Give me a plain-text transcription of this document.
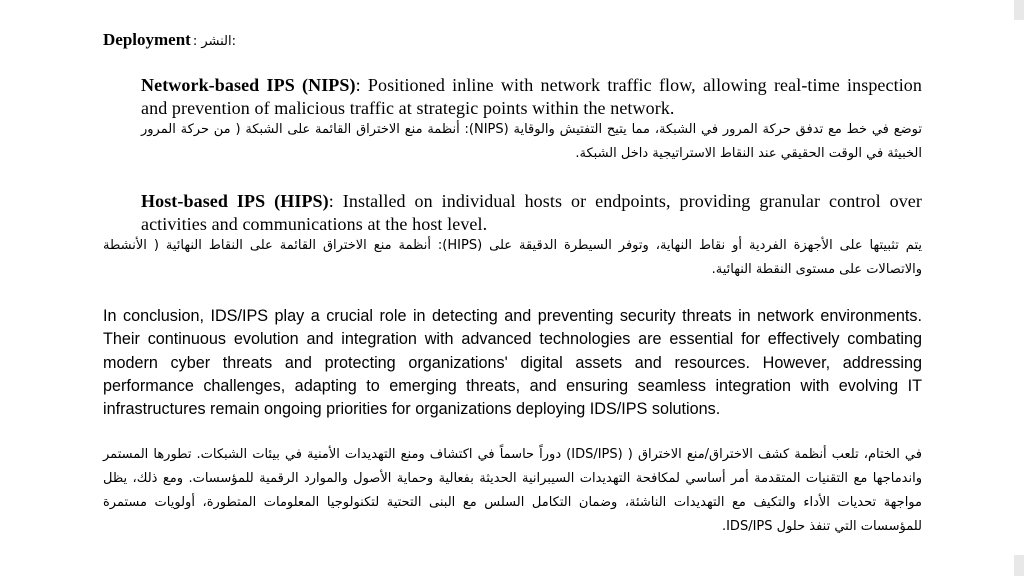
Deployment : النشر:
Network-based IPS (NIPS): Positioned inline with network traffic flow, allowing real-time inspection and prevention of malicious traffic at strategic points within the network.
توضع في خط مع تدفق حركة المرور في الشبكة، مما يتيح التفتيش والوقاية (NIPS): أنظمة منع الاختراق القائمة على الشبكة ( من حركة المرور الخبيثة في الوقت الحقيقي عند النقاط الاستراتيجية داخل الشبكة.
Host-based IPS (HIPS): Installed on individual hosts or endpoints, providing granular control over activities and communications at the host level.
يتم تثبيتها على الأجهزة الفردية أو نقاط النهاية، وتوفر السيطرة الدقيقة على (HIPS): أنظمة منع الاختراق القائمة على النقاط النهائية ( الأنشطة والاتصالات على مستوى النقطة النهائية.
In conclusion, IDS/IPS play a crucial role in detecting and preventing security threats in network environments. Their continuous evolution and integration with advanced technologies are essential for effectively combating modern cyber threats and protecting organizations' digital assets and resources. However, addressing performance challenges, adapting to emerging threats, and ensuring seamless integration with evolving IT infrastructures remain ongoing priorities for organizations deploying IDS/IPS solutions.
في الختام، تلعب أنظمة كشف الاختراق/منع الاختراق ( (IDS/IPS) دوراً حاسماً في اكتشاف ومنع التهديدات الأمنية في بيئات الشبكات. تطورها المستمر واندماجها مع التقنيات المتقدمة أمر أساسي لمكافحة التهديدات السيبرانية الحديثة بفعالية وحماية الأصول والموارد الرقمية للمؤسسات. ومع ذلك، يظل مواجهة تحديات الأداء والتكيف مع التهديدات الناشئة، وضمان التكامل السلس مع البنى التحتية لتكنولوجيا المعلومات المتطورة، أولويات مستمرة للمؤسسات التي تنفذ حلول IDS/IPS.
